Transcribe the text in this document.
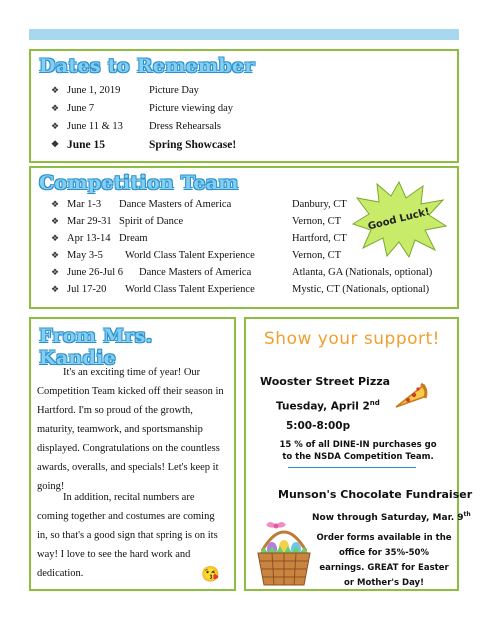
Dates to Remember
❖ June 1, 2019	Picture Day
❖ June 7	Picture viewing day
❖ June 11 & 13 Dress Rehearsals
❖ June 15	Spring Showcase!
Competition Team
❖ Mar 1-3 Dance Masters of America	Danbury, CT
❖ Mar 29-31 Spirit of Dance	Vernon, CT
❖ Apr 13-14 Dream	Hartford, CT
❖ May 3-5 World Class Talent Experience	Vernon, CT
❖ June 26-Jul 6 Dance Masters of America	Atlanta, GA (Nationals, optional)
❖ Jul 17-20 World Class Talent Experience	Mystic, CT (Nationals, optional)
Good Luck!
From Mrs. Kandie
It's an exciting time of year! Our Competition Team kicked off their season in Hartford. I'm so proud of the growth, maturity, teamwork, and sportsmanship displayed. Congratulations on the countless awards, overalls, and specials! Let's keep it going!
In addition, recital numbers are coming together and costumes are coming in, so that's a good sign that spring is on its way! I love to see the hard work and dedication.	😘
Show your support!
Wooster Street Pizza
Tuesday, April 2nd
5:00-8:00p
15 % of all DINE-IN purchases go to the NSDA Competition Team.
Munson's Chocolate Fundraiser
Now through Saturday, Mar. 9th
Order forms available in the office for 35%-50% earnings. GREAT for Easter or Mother's Day!
